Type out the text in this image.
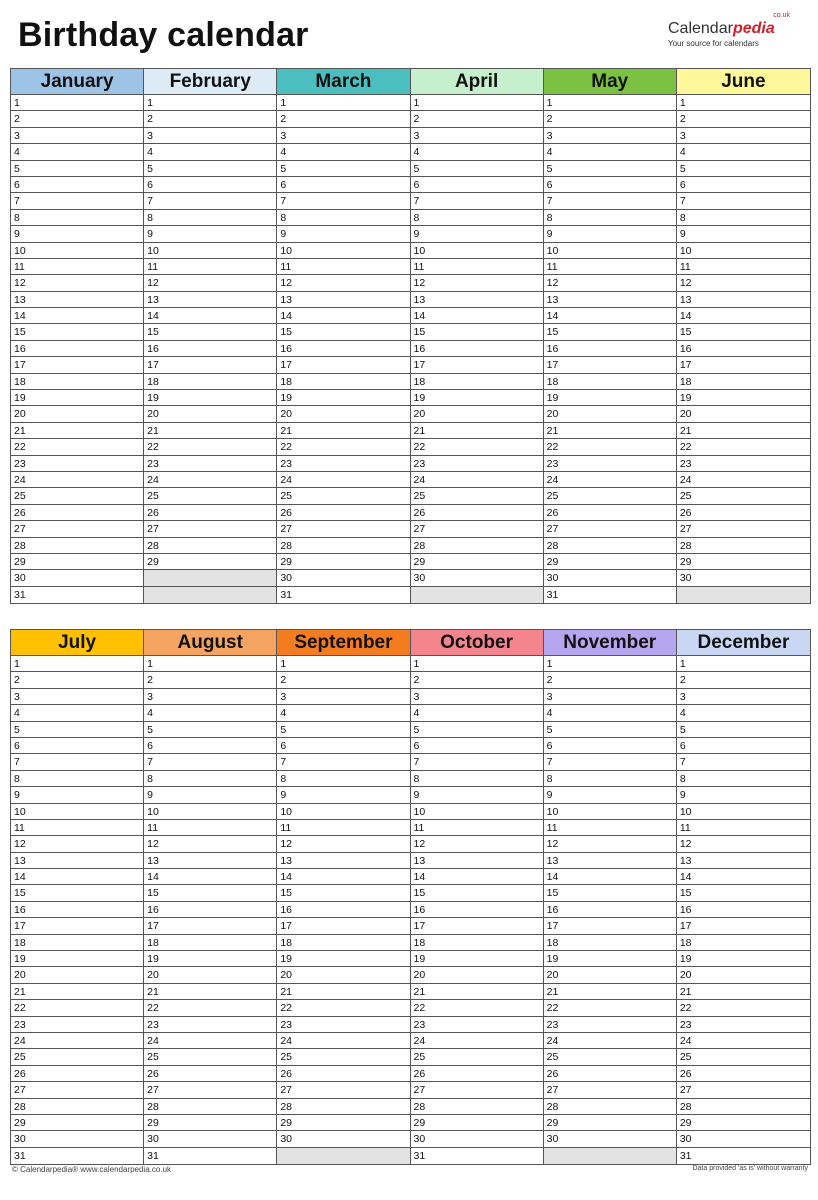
Birthday calendar	Calendarpedia
co.uk
Your source for calendars
January
1
2
3
4
5
6
7
8
9
10
11
12
13
14
15
16
17
18
19
20
21
22
23
24
25
26
27
28
29
30
31
February
1
2
3
4
5
6
7
8
9
10
11
12
13
14
15
16
17
18
19
20
21
22
23
24
25
26
27
28
29
March
1
2
3
4
5
6
7
8
9
10
11
12
13
14
15
16
17
18
19
20
21
22
23
24
25
26
27
28
29
30
31
April
1
2
3
4
5
6
7
8
9
10
11
12
13
14
15
16
17
18
19
20
21
22
23
24
25
26
27
28
29
30
May
1
2
3
4
5
6
7
8
9
10
11
12
13
14
15
16
17
18
19
20
21
22
23
24
25
26
27
28
29
30
31
June
1
2
3
4
5
6
7
8
9
10
11
12
13
14
15
16
17
18
19
20
21
22
23
24
25
26
27
28
29
30
July
1
2
3
4
5
6
7
8
9
10
11
12
13
14
15
16
17
18
19
20
21
22
23
24
25
26
27
28
29
30
31
August
1
2
3
4
5
6
7
8
9
10
11
12
13
14
15
16
17
18
19
20
21
22
23
24
25
26
27
28
29
30
31
September
1
2
3
4
5
6
7
8
9
10
11
12
13
14
15
16
17
18
19
20
21
22
23
24
25
26
27
28
29
30
October
1
2
3
4
5
6
7
8
9
10
11
12
13
14
15
16
17
18
19
20
21
22
23
24
25
26
27
28
29
30
31
November
1
2
3
4
5
6
7
8
9
10
11
12
13
14
15
16
17
18
19
20
21
22
23
24
25
26
27
28
29
30
December
1
2
3
4
5
6
7
8
9
10
11
12
13
14
15
16
17
18
19
20
21
22
23
24
25
26
27
28
29
30
31
© Calendarpedia® www.calendarpedia.co.uk	Data provided 'as is' without warranty
